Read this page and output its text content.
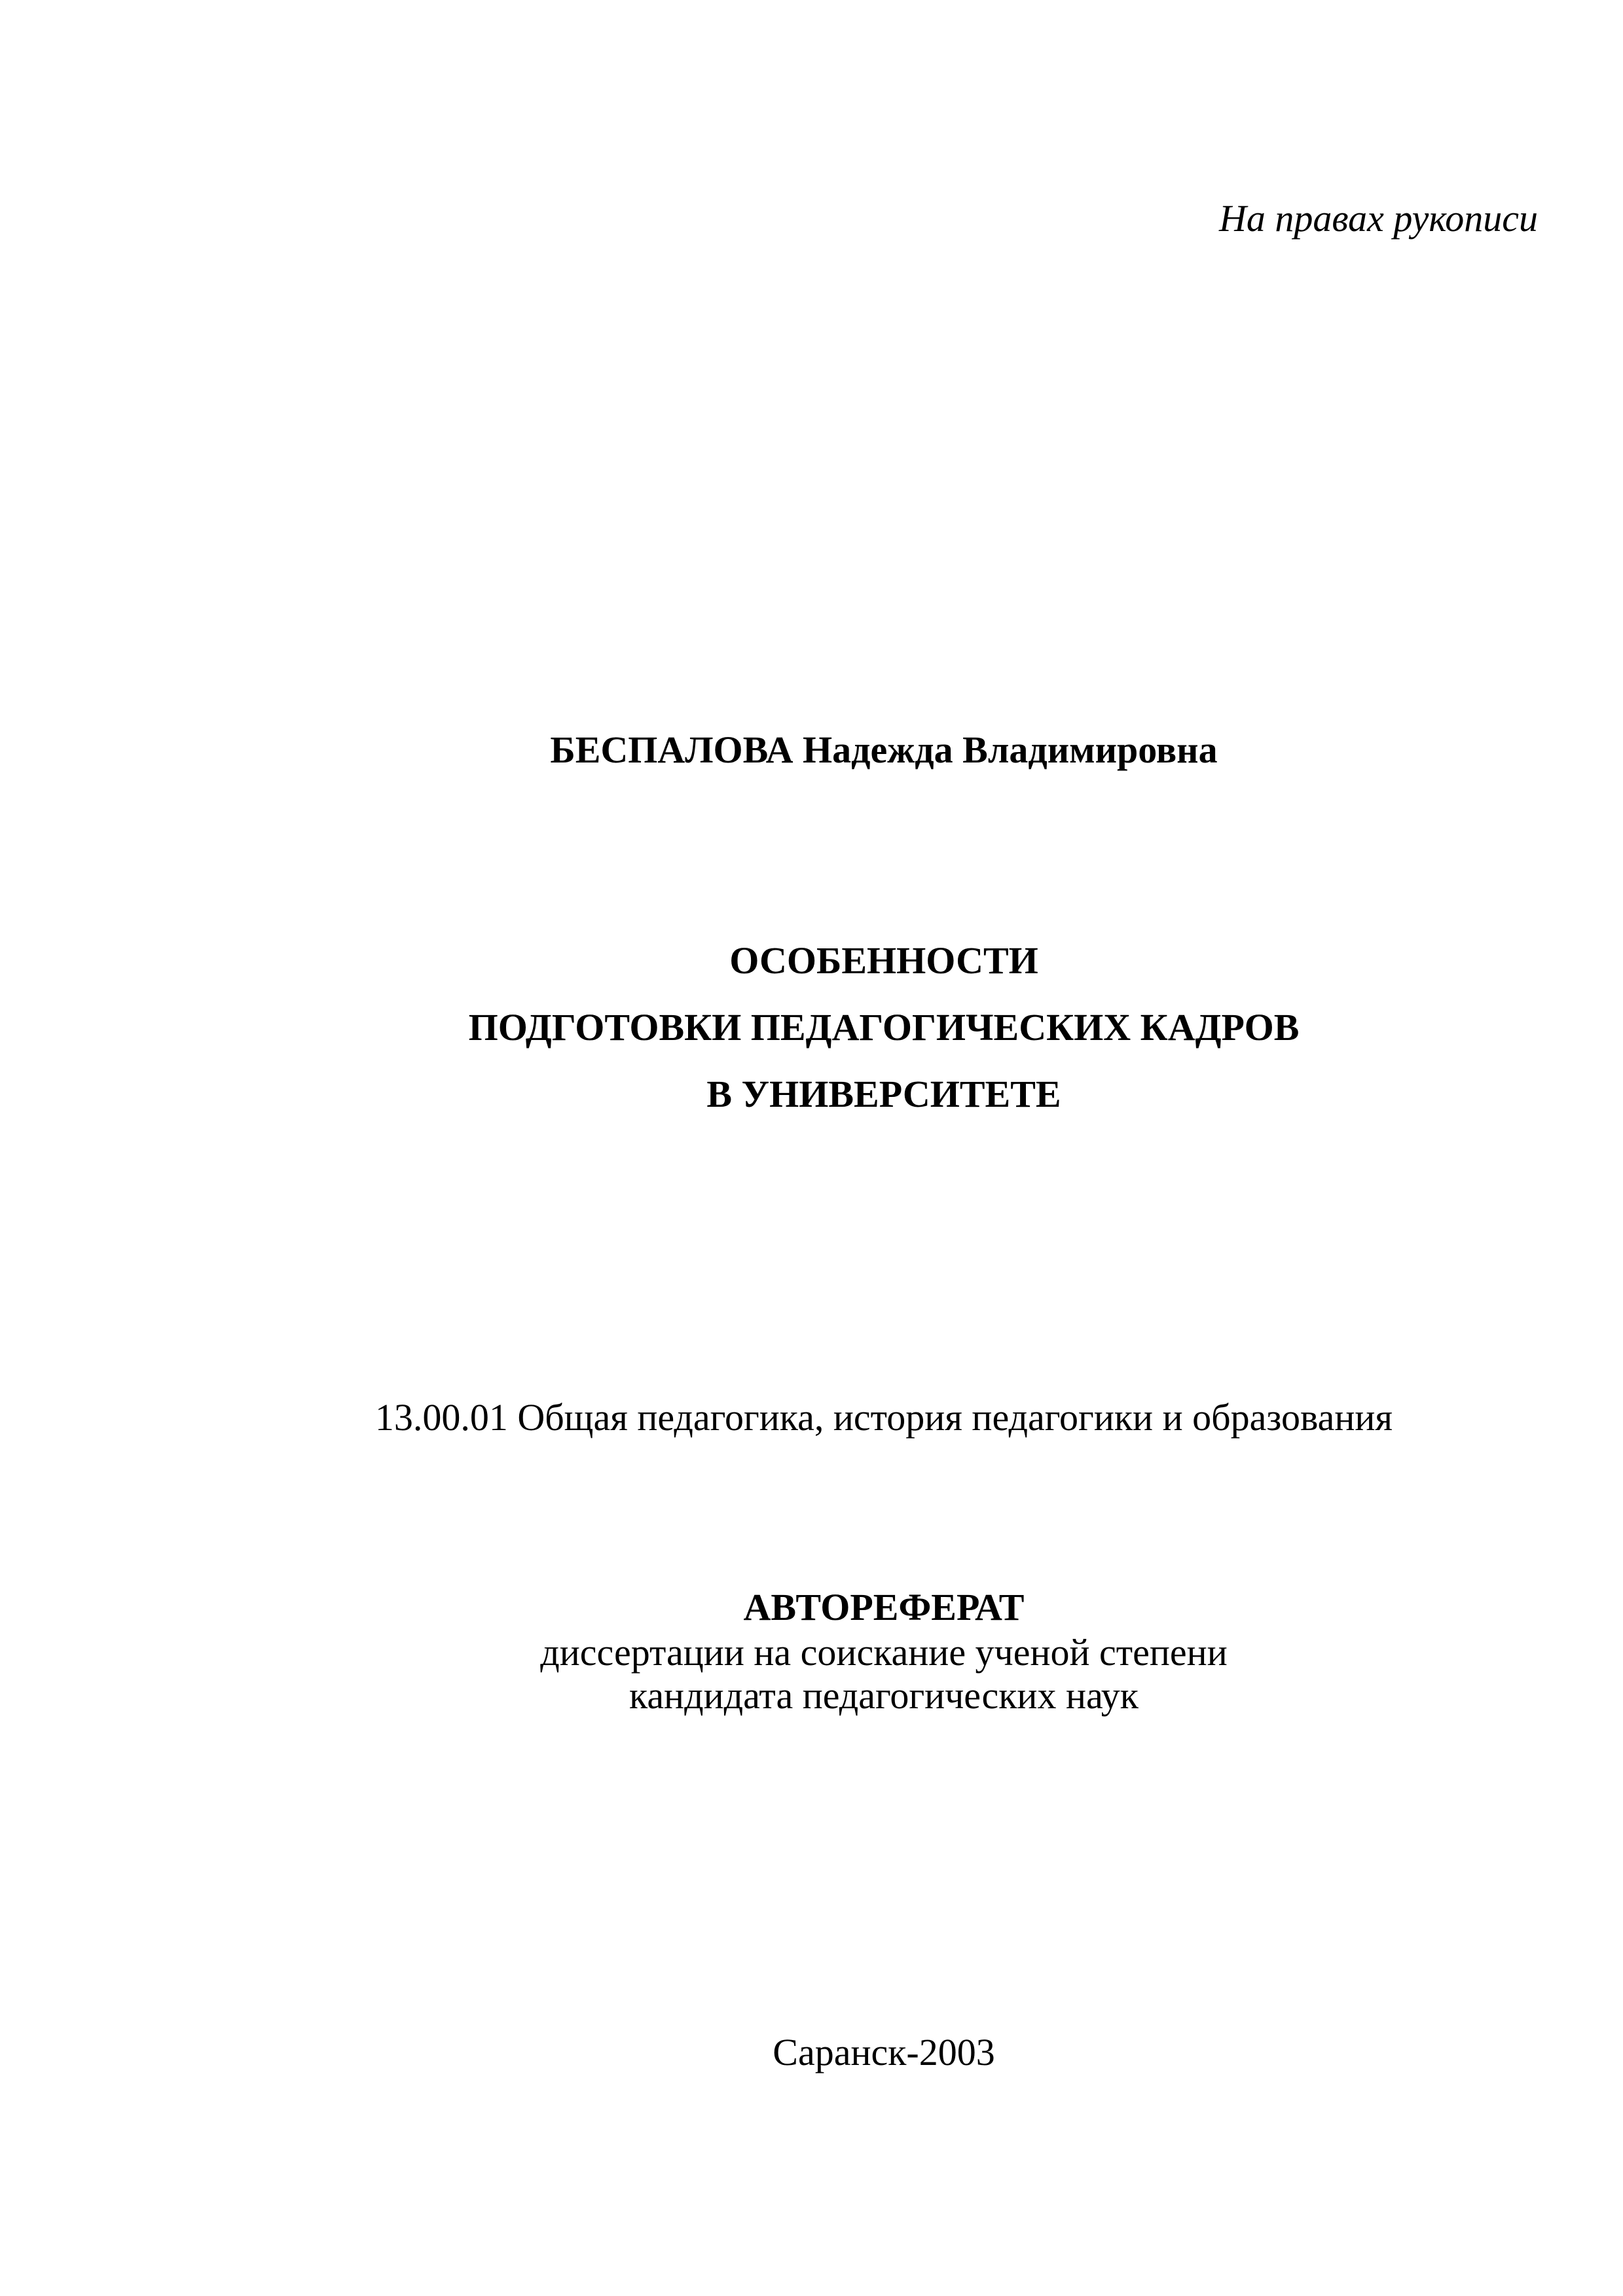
На правах рукописи
БЕСПАЛОВА Надежда Владимировна
ОСОБЕННОСТИ
ПОДГОТОВКИ ПЕДАГОГИЧЕСКИХ КАДРОВ
В УНИВЕРСИТЕТЕ
13.00.01 Общая педагогика, история педагогики и образования
АВТОРЕФЕРАТ
диссертации на соискание ученой степени
кандидата педагогических наук
Саранск-2003
